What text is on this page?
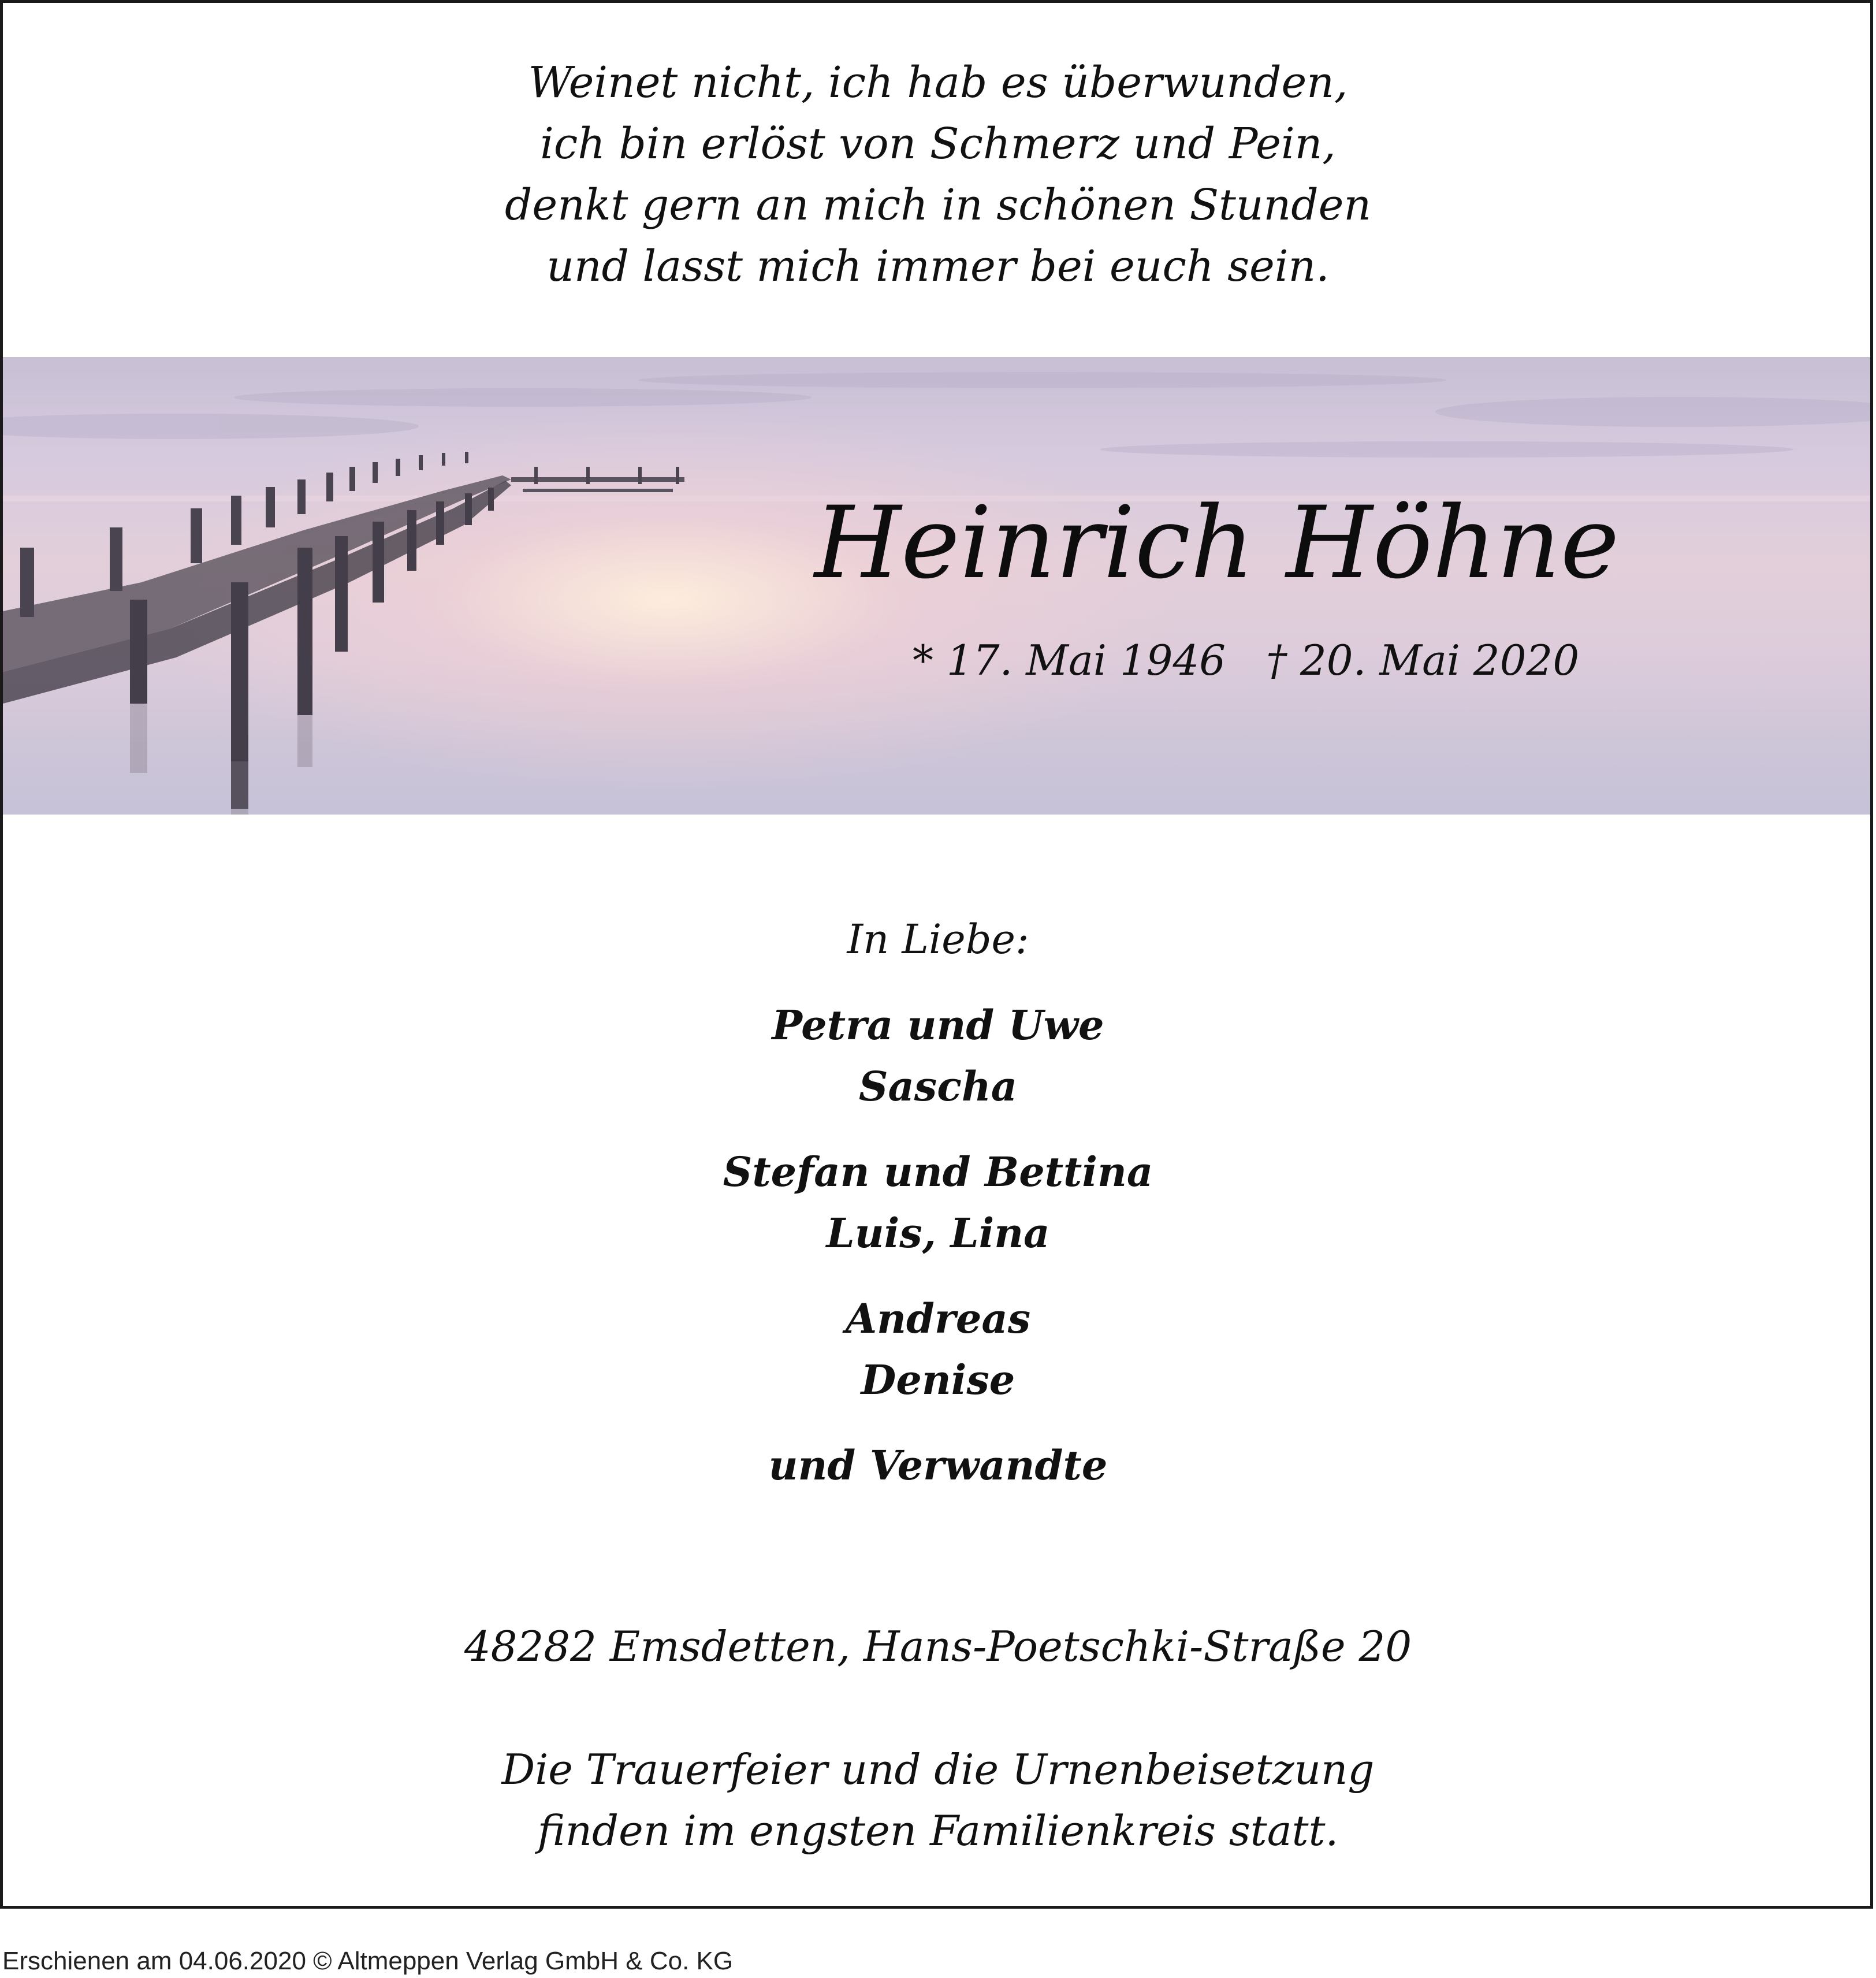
Weinet nicht, ich hab es überwunden,
ich bin erlöst von Schmerz und Pein,
denkt gern an mich in schönen Stunden
und lasst mich immer bei euch sein.
Heinrich Höhne
* 17. Mai 1946 † 20. Mai 2020
In Liebe:
Petra und Uwe
Sascha
Stefan und Bettina
Luis, Lina
Andreas
Denise
und Verwandte
48282 Emsdetten, Hans-Poetschki-Straße 20
Die Trauerfeier und die Urnenbeisetzung
finden im engsten Familienkreis statt.
Erschienen am 04.06.2020 © Altmeppen Verlag GmbH & Co. KG
